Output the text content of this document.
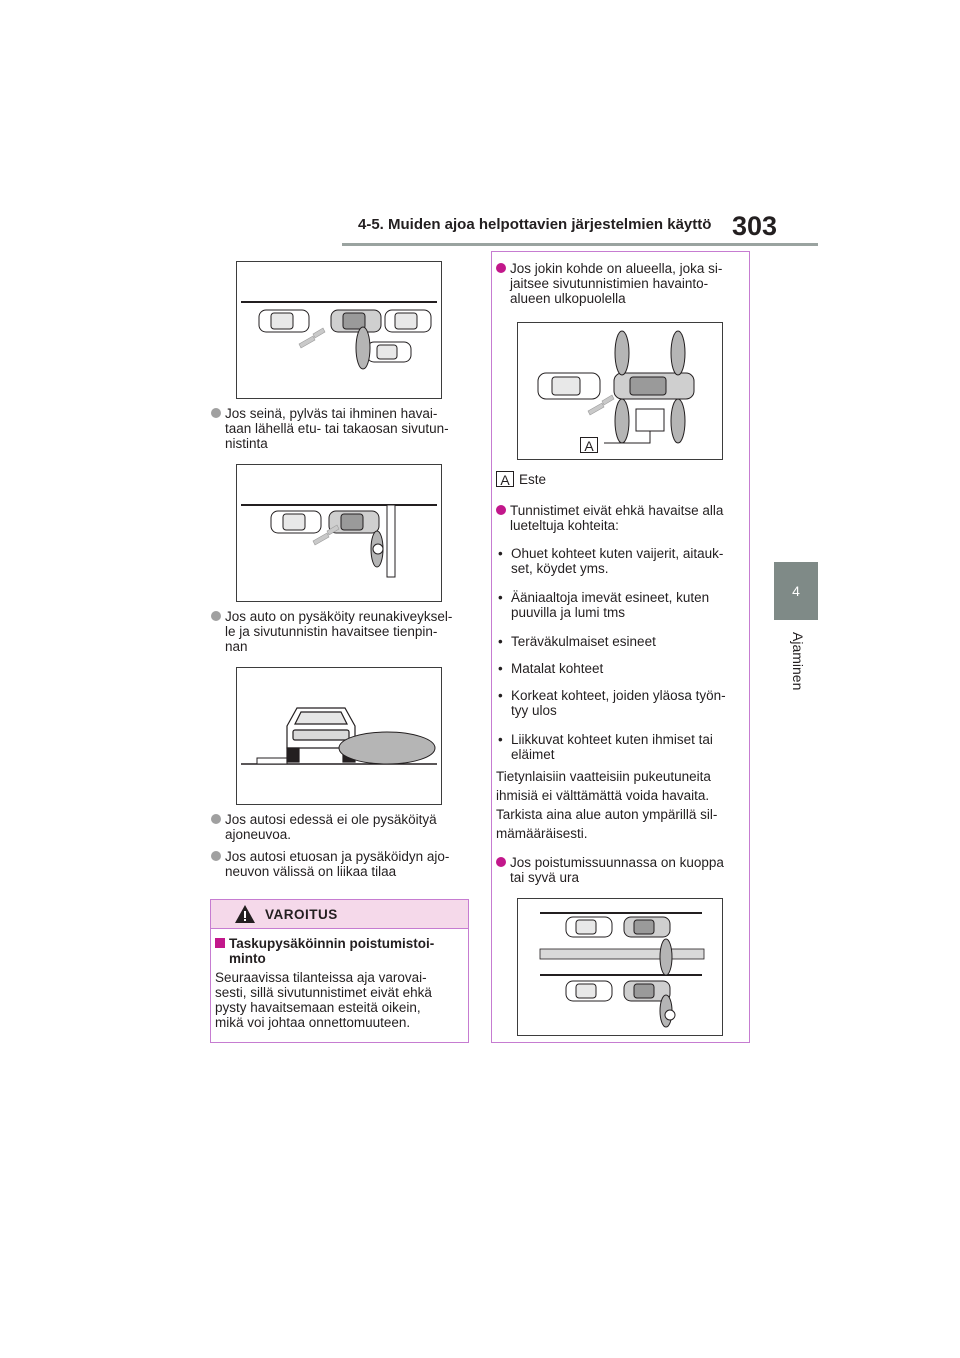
4-5. Muiden ajoa helpottavien järjestelmien käyttö 303
4
Ajaminen
Jos seinä, pylväs tai ihminen havai-
taan lähellä etu- tai takaosan sivutun-
nistinta
Jos auto on pysäköity reunakiveyksel-
le ja sivutunnistin havaitsee tienpin-
nan
Jos autosi edessä ei ole pysäköityä
ajoneuvoa.
Jos autosi etuosan ja pysäköidyn ajo-
neuvon välissä on liikaa tilaa
VAROITUS
Taskupysäköinnin poistumistoi-
minto
Seuraavissa tilanteissa aja varovai-
sesti, sillä sivutunnistimet eivät ehkä
pysty havaitsemaan esteitä oikein,
mikä voi johtaa onnettomuuteen.
Jos jokin kohde on alueella, joka si-
jaitsee sivutunnistimien havainto-
alueen ulkopuolella
A
A Este
Tunnistimet eivät ehkä havaitse alla
lueteltuja kohteita:
• Ohuet kohteet kuten vaijerit, aitauk-
set, köydet yms.
• Ääniaaltoja imevät esineet, kuten
puuvilla ja lumi tms
• Teräväkulmaiset esineet
• Matalat kohteet
• Korkeat kohteet, joiden yläosa työn-
tyy ulos
• Liikkuvat kohteet kuten ihmiset tai
eläimet
Tietynlaisiin vaatteisiin pukeutuneita
ihmisiä ei välttämättä voida havaita.
Tarkista aina alue auton ympärillä sil-
mämääräisesti.
Jos poistumissuunnassa on kuoppa
tai syvä ura
